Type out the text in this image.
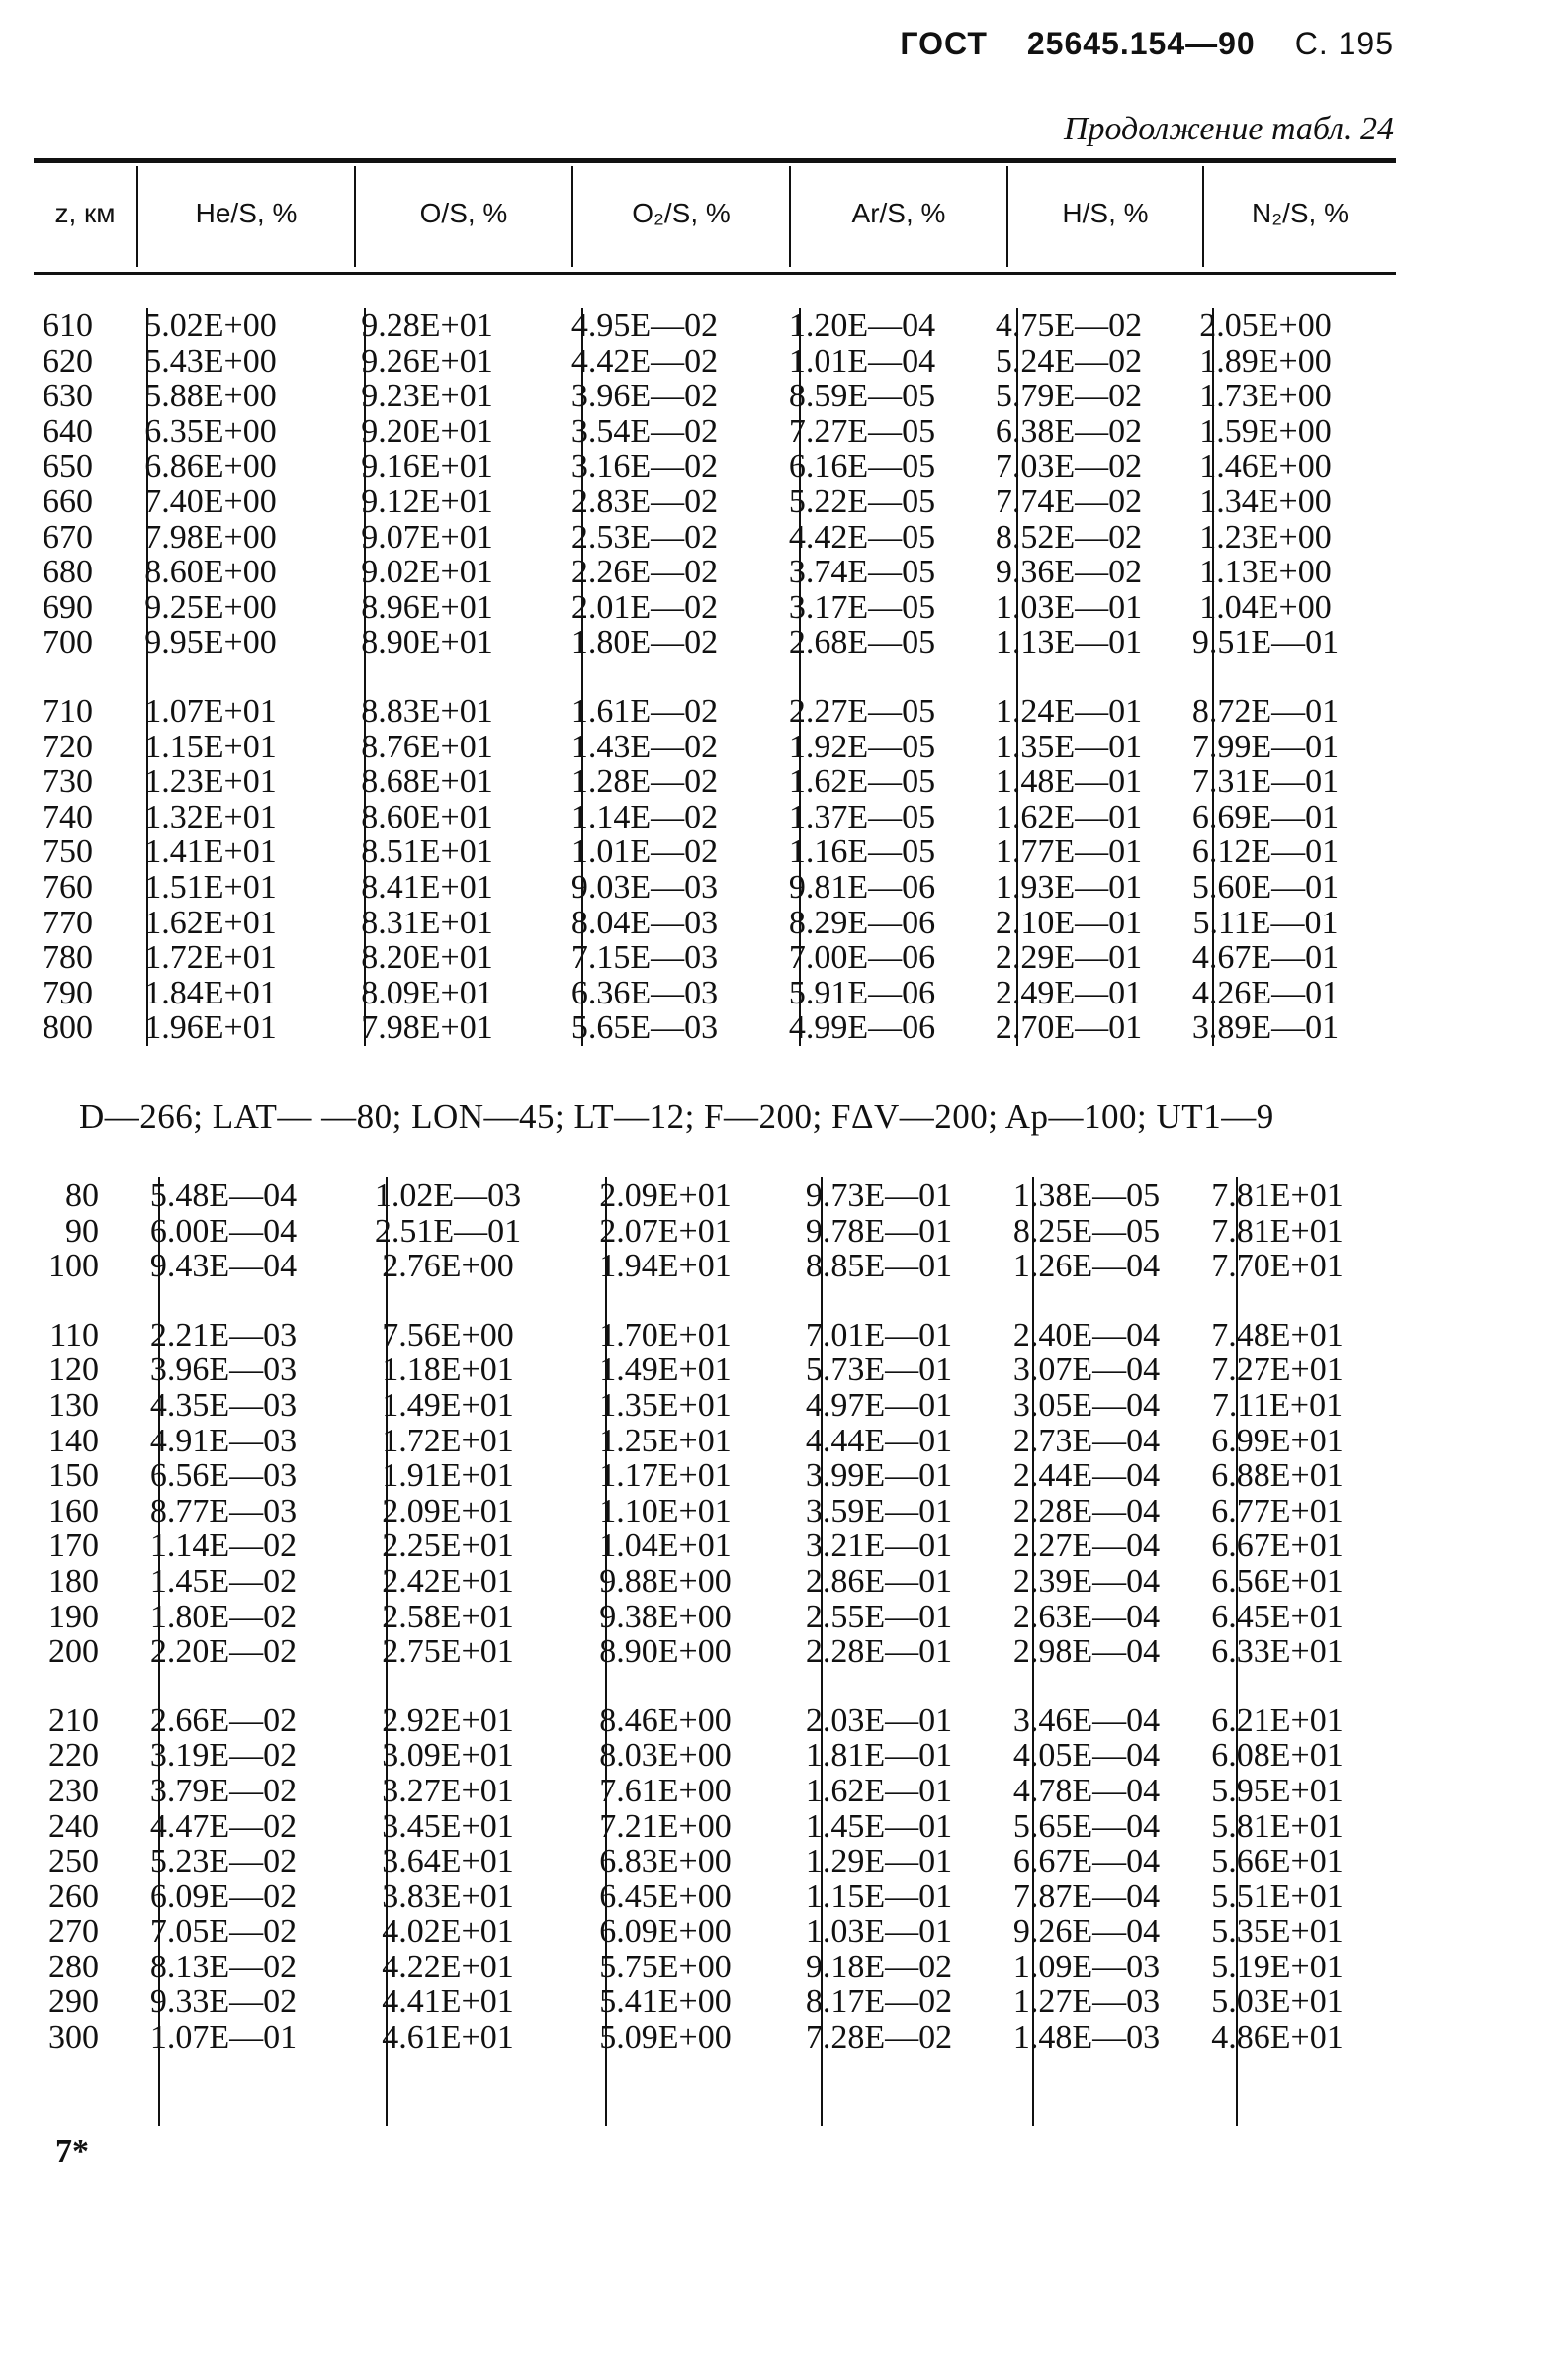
ГОСТ 25645.154—90 С. 195
Продолжение табл. 24
z, км	He/S, %	O/S, %	O₂/S, %	Ar/S, %	H/S, %	N₂/S, %
610	5.02E+00	9.28E+01	4.95E—02	1.20E—04	4.75E—02	2.05E+00
620	5.43E+00	9.26E+01	4.42E—02	1.01E—04	5.24E—02	1.89E+00
630	5.88E+00	9.23E+01	3.96E—02	8.59E—05	5.79E—02	1.73E+00
640	6.35E+00	9.20E+01	3.54E—02	7.27E—05	6.38E—02	1.59E+00
650	6.86E+00	9.16E+01	3.16E—02	6.16E—05	7.03E—02	1.46E+00
660	7.40E+00	9.12E+01	2.83E—02	5.22E—05	7.74E—02	1.34E+00
670	7.98E+00	9.07E+01	2.53E—02	4.42E—05	8.52E—02	1.23E+00
680	8.60E+00	9.02E+01	2.26E—02	3.74E—05	9.36E—02	1.13E+00
690	9.25E+00	8.96E+01	2.01E—02	3.17E—05	1.03E—01	1.04E+00
700	9.95E+00	8.90E+01	1.80E—02	2.68E—05	1.13E—01	9.51E—01

710	1.07E+01	8.83E+01	1.61E—02	2.27E—05	1.24E—01	8.72E—01
720	1.15E+01	8.76E+01	1.43E—02	1.92E—05	1.35E—01	7.99E—01
730	1.23E+01	8.68E+01	1.28E—02	1.62E—05	1.48E—01	7.31E—01
740	1.32E+01	8.60E+01	1.14E—02	1.37E—05	1.62E—01	6.69E—01
750	1.41E+01	8.51E+01	1.01E—02	1.16E—05	1.77E—01	6.12E—01
760	1.51E+01	8.41E+01	9.03E—03	9.81E—06	1.93E—01	5.60E—01
770	1.62E+01	8.31E+01	8.04E—03	8.29E—06	2.10E—01	5.11E—01
780	1.72E+01	8.20E+01	7.15E—03	7.00E—06	2.29E—01	4.67E—01
790	1.84E+01	8.09E+01	6.36E—03	5.91E—06	2.49E—01	4.26E—01
800	1.96E+01	7.98E+01	5.65E—03	4.99E—06	2.70E—01	3.89E—01
D—266; LAT— —80; LON—45; LT—12; F—200; FΔV—200; Ap—100; UT1—9
80	5.48E—04	1.02E—03	2.09E+01	9.73E—01	1.38E—05	7.81E+01
90	6.00E—04	2.51E—01	2.07E+01	9.78E—01	8.25E—05	7.81E+01
100	9.43E—04	2.76E+00	1.94E+01	8.85E—01	1.26E—04	7.70E+01

110	2.21E—03	7.56E+00	1.70E+01	7.01E—01	2.40E—04	7.48E+01
120	3.96E—03	1.18E+01	1.49E+01	5.73E—01	3.07E—04	7.27E+01
130	4.35E—03	1.49E+01	1.35E+01	4.97E—01	3.05E—04	7.11E+01
140	4.91E—03	1.72E+01	1.25E+01	4.44E—01	2.73E—04	6.99E+01
150	6.56E—03	1.91E+01	1.17E+01	3.99E—01	2.44E—04	6.88E+01
160	8.77E—03	2.09E+01	1.10E+01	3.59E—01	2.28E—04	6.77E+01
170	1.14E—02	2.25E+01	1.04E+01	3.21E—01	2.27E—04	6.67E+01
180	1.45E—02	2.42E+01	9.88E+00	2.86E—01	2.39E—04	6.56E+01
190	1.80E—02	2.58E+01	9.38E+00	2.55E—01	2.63E—04	6.45E+01
200	2.20E—02	2.75E+01	8.90E+00	2.28E—01	2.98E—04	6.33E+01

210	2.66E—02	2.92E+01	8.46E+00	2.03E—01	3.46E—04	6.21E+01
220	3.19E—02	3.09E+01	8.03E+00	1.81E—01	4.05E—04	6.08E+01
230	3.79E—02	3.27E+01	7.61E+00	1.62E—01	4.78E—04	5.95E+01
240	4.47E—02	3.45E+01	7.21E+00	1.45E—01	5.65E—04	5.81E+01
250	5.23E—02	3.64E+01	6.83E+00	1.29E—01	6.67E—04	5.66E+01
260	6.09E—02	3.83E+01	6.45E+00	1.15E—01	7.87E—04	5.51E+01
270	7.05E—02	4.02E+01	6.09E+00	1.03E—01	9.26E—04	5.35E+01
280	8.13E—02	4.22E+01	5.75E+00	9.18E—02	1.09E—03	5.19E+01
290	9.33E—02	4.41E+01	5.41E+00	8.17E—02	1.27E—03	5.03E+01
300	1.07E—01	4.61E+01	5.09E+00	7.28E—02	1.48E—03	4.86E+01
7*
